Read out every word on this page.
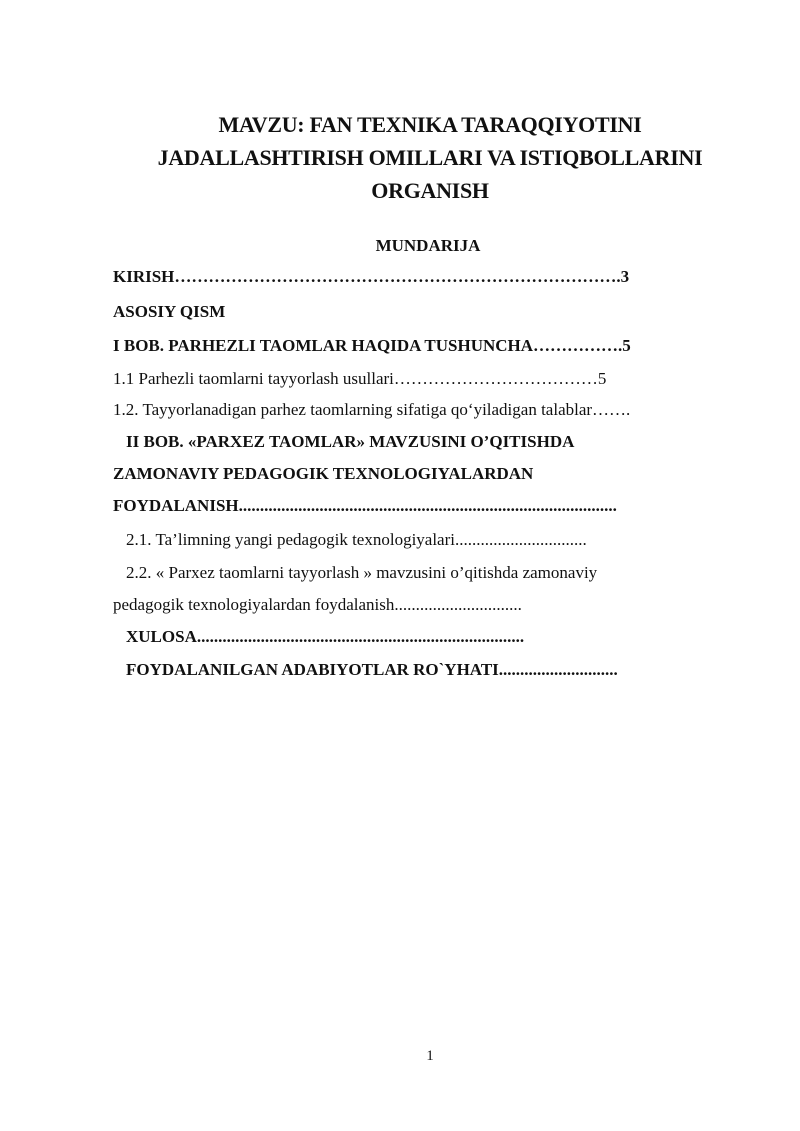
MAVZU: FAN TEXNIKA TARAQQIYOTINI
JADALLASHTIRISH OMILLARI VA ISTIQBOLLARINI
ORGANISH
MUNDARIJA
KIRISH…………………………………………………………………….3
ASOSIY QISM
I BOB. PARHEZLI TAOMLAR HAQIDA TUSHUNCHA…………….5
1.1 Parhezli taomlarni tayyorlash usullari………………………………5
1.2. Tayyorlanadigan parhez taomlarning sifatiga qo‘yiladigan talablar…….
II BOB. «PARXEZ TAOMLAR» MAVZUSINI O’QITISHDA
ZAMONAVIY PEDAGOGIK TEXNOLOGIYALARDAN
FOYDALANISH.........................................................................................
2.1. Ta’limning yangi pedagogik texnologiyalari...............................
2.2. « Parxez taomlarni tayyorlash » mavzusini o’qitishda zamonaviy
pedagogik texnologiyalardan foydalanish..............................
XULOSA.............................................................................
FOYDALANILGAN ADABIYOTLAR RO`YHATI............................
1
